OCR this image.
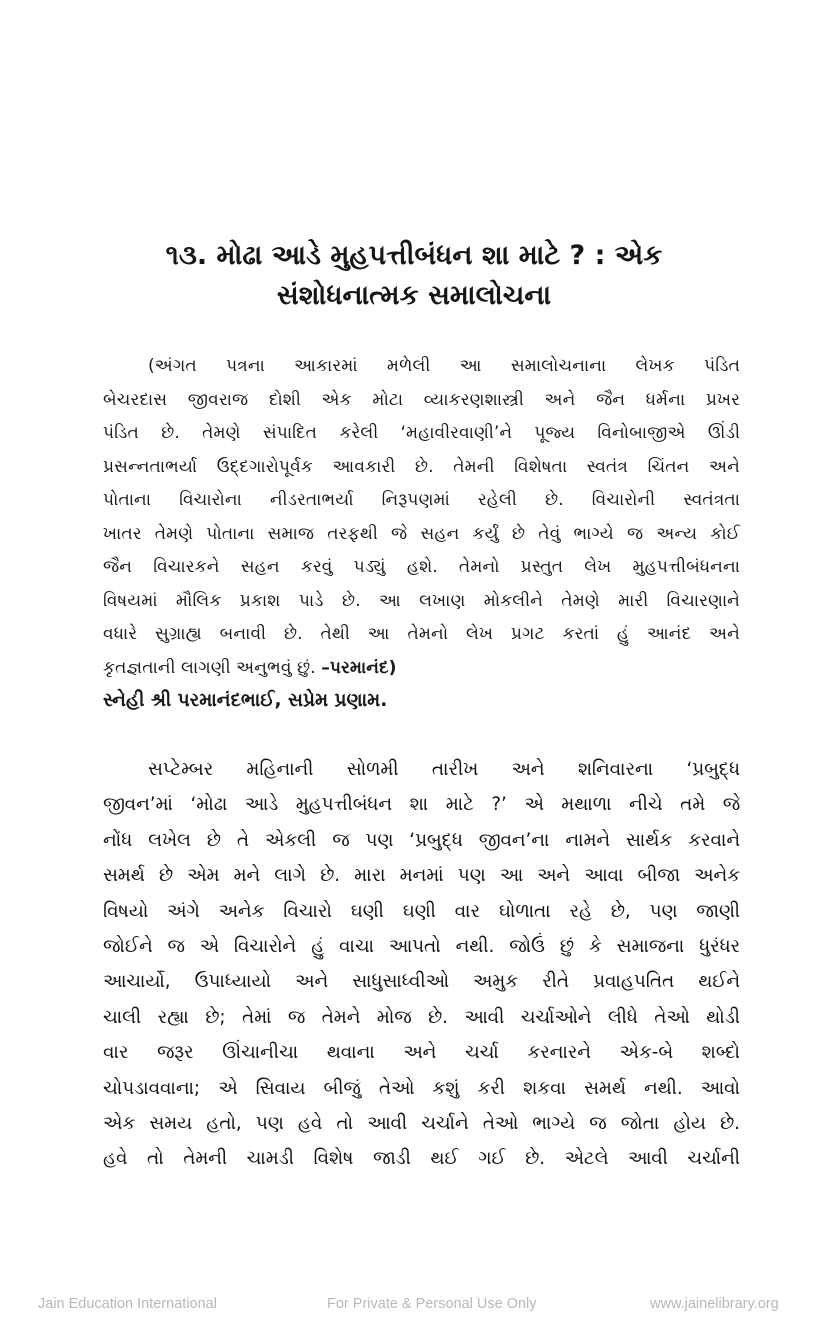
૧૩. મોઢા આડે મુહપત્તીબંધન શા માટે ? : એક
સંશોધનાત્મક સમાલોચના
(અંગત પત્રના આકારમાં મળેલી આ સમાલોચનાના લેખક પંડિત
બેચરદાસ જીવરાજ દોશી એક મોટા વ્યાકરણશાસ્ત્રી અને જૈન ધર્મના પ્રખર
પંડિત છે. તેમણે સંપાદિત કરેલી ‘મહાવીરવાણી’ને પૂજ્ય વિનોબાજીએ ઊંડી
પ્રસન્નતાભર્યા ઉદ્દગારોપૂર્વક આવકારી છે. તેમની વિશેષતા સ્વતંત્ર ચિંતન અને
પોતાના વિચારોના નીડરતાભર્યા નિરૂપણમાં રહેલી છે. વિચારોની સ્વતંત્રતા
ખાતર તેમણે પોતાના સમાજ તરફથી જે સહન કર્યું છે તેવું ભાગ્યે જ અન્ય કોઈ
જૈન વિચારકને સહન કરવું પડ્યું હશે. તેમનો પ્રસ્તુત લેખ મુહપત્તીબંધનના
વિષયમાં મૌલિક પ્રકાશ પાડે છે. આ લખાણ મોકલીને તેમણે મારી વિચારણાને
વધારે સુગ્રાહ્ય બનાવી છે. તેથી આ તેમનો લેખ પ્રગટ કરતાં હું આનંદ અને
કૃતજ્ઞતાની લાગણી અનુભવું છું. –પરમાનંદ)
સ્નેહી શ્રી પરમાનંદભાઈ, સપ્રેમ પ્રણામ.
સપ્ટેમ્બર મહિનાની સોળમી તારીખ અને શનિવારના ‘પ્રબુદ્ધ
જીવન’માં ‘મોઢા આડે મુહપત્તીબંધન શા માટે ?’ એ મથાળા નીચે તમે જે
નોંધ લખેલ છે તે એકલી જ પણ ‘પ્રબુદ્ધ જીવન’ના નામને સાર્થક કરવાને
સમર્થ છે એમ મને લાગે છે. મારા મનમાં પણ આ અને આવા બીજા અનેક
વિષયો અંગે અનેક વિચારો ઘણી ઘણી વાર ઘોળાતા રહે છે, પણ જાણી
જોઈને જ એ વિચારોને હું વાચા આપતો નથી. જોઉં છું કે સમાજના ધુરંધર
આચાર્યો, ઉપાધ્યાયો અને સાધુસાધ્વીઓ અમુક રીતે પ્રવાહપતિત થઈને
ચાલી રહ્યા છે; તેમાં જ તેમને મોજ છે. આવી ચર્ચાઓને લીધે તેઓ થોડી
વાર જરૂર ઊંચાનીચા થવાના અને ચર્ચા કરનારને એક-બે શબ્દો
ચોપડાવવાના; એ સિવાય બીજું તેઓ કશું કરી શકવા સમર્થ નથી. આવો
એક સમય હતો, પણ હવે તો આવી ચર્ચાને તેઓ ભાગ્યે જ જોતા હોય છે.
હવે તો તેમની ચામડી વિશેષ જાડી થઈ ગઈ છે. એટલે આવી ચર્ચાની
Jain Education International	For Private & Personal Use Only	www.jainelibrary.org
